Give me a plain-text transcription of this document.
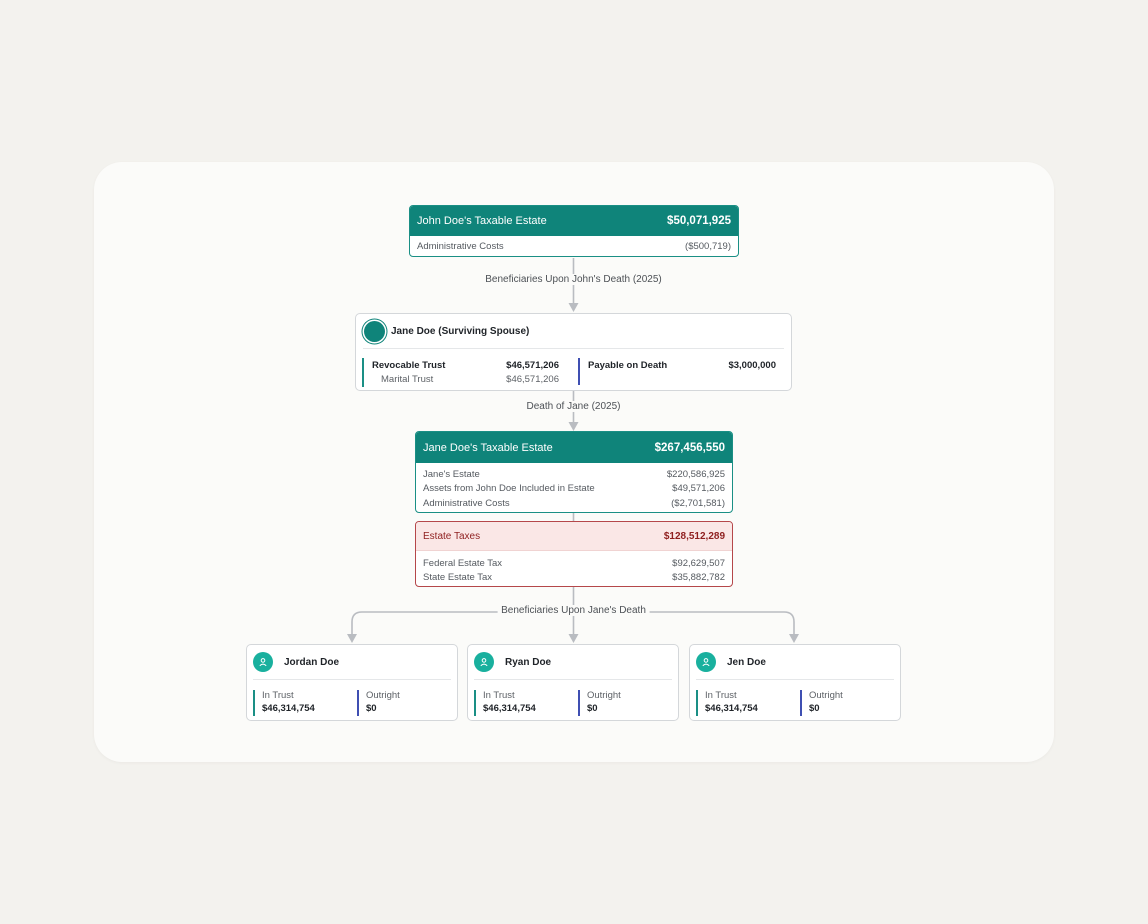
Beneficiaries Upon John's Death (2025)
Death of Jane (2025)
Beneficiaries Upon Jane's Death
John Doe's Taxable Estate	$50,071,925
Administrative Costs	($500,719)
Jane Doe (Surviving Spouse)
Revocable Trust	$46,571,206
Marital Trust	$46,571,206
Payable on Death	$3,000,000
Jane Doe's Taxable Estate	$267,456,550
Jane's Estate	$220,586,925
Assets from John Doe Included in Estate	$49,571,206
Administrative Costs	($2,701,581)
Estate Taxes	$128,512,289
Federal Estate Tax	$92,629,507
State Estate Tax	$35,882,782
Jordan Doe
In Trust
$46,314,754
Outright
$0
Ryan Doe
In Trust
$46,314,754
Outright
$0
Jen Doe
In Trust
$46,314,754
Outright
$0
